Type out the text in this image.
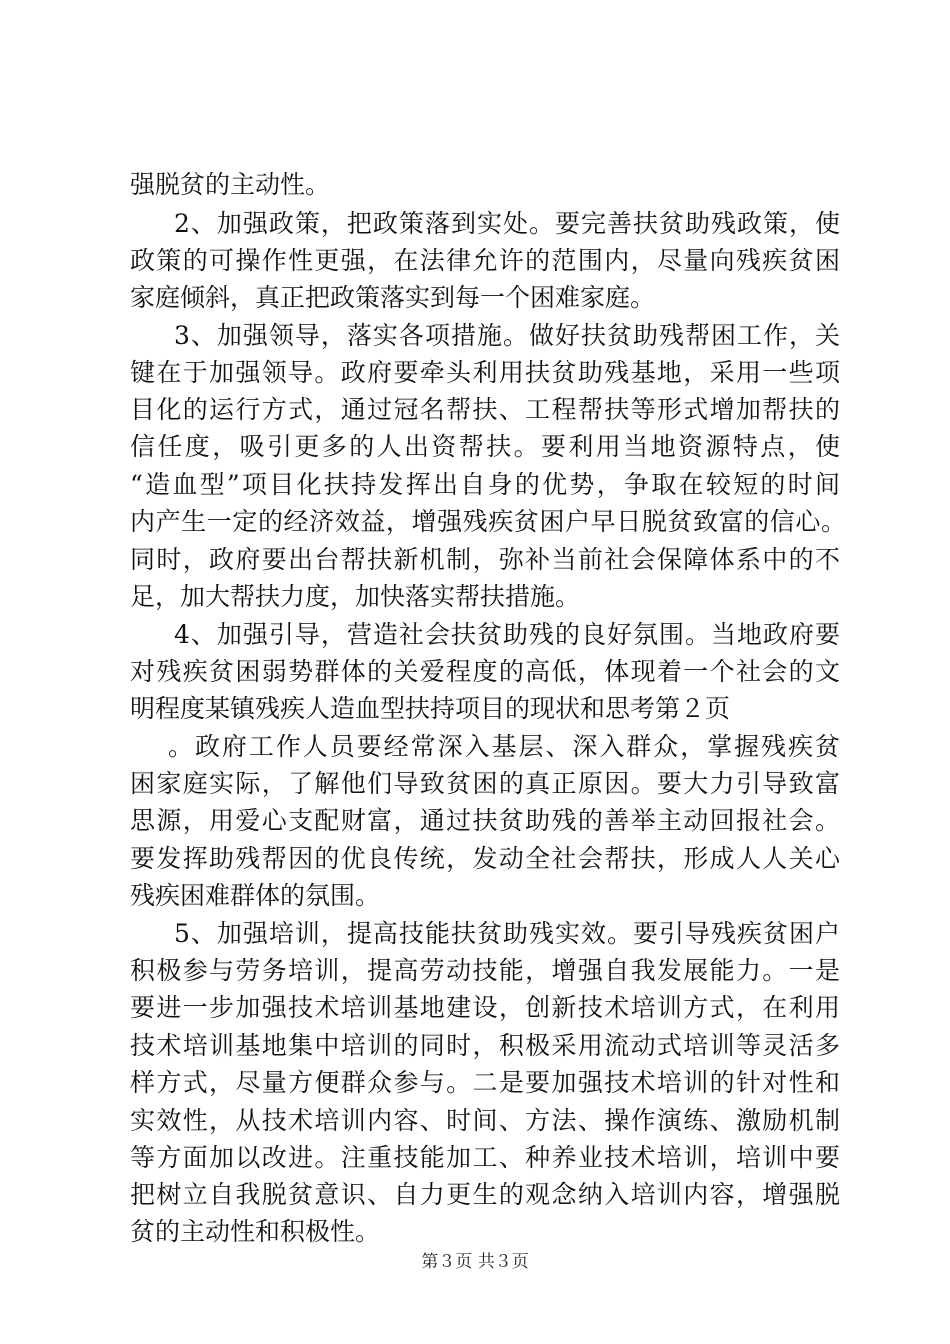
强脱贫的主动性。
2、加强政策，把政策落到实处。要完善扶贫助残政策，使
政策的可操作性更强，在法律允许的范围内，尽量向残疾贫困
家庭倾斜，真正把政策落实到每一个困难家庭。
3、加强领导，落实各项措施。做好扶贫助残帮困工作，关
键在于加强领导。政府要牵头利用扶贫助残基地，采用一些项
目化的运行方式，通过冠名帮扶、工程帮扶等形式增加帮扶的
信任度，吸引更多的人出资帮扶。要利用当地资源特点，使
“造血型”项目化扶持发挥出自身的优势，争取在较短的时间
内产生一定的经济效益，增强残疾贫困户早日脱贫致富的信心。
同时，政府要出台帮扶新机制，弥补当前社会保障体系中的不
足，加大帮扶力度，加快落实帮扶措施。
4、加强引导，营造社会扶贫助残的良好氛围。当地政府要
对残疾贫困弱势群体的关爱程度的高低，体现着一个社会的文
明程度某镇残疾人造血型扶持项目的现状和思考第２页
。政府工作人员要经常深入基层、深入群众，掌握残疾贫
困家庭实际，了解他们导致贫困的真正原因。要大力引导致富
思源，用爱心支配财富，通过扶贫助残的善举主动回报社会。
要发挥助残帮因的优良传统，发动全社会帮扶，形成人人关心
残疾困难群体的氛围。
5、加强培训，提高技能扶贫助残实效。要引导残疾贫困户
积极参与劳务培训，提高劳动技能，增强自我发展能力。一是
要进一步加强技术培训基地建设，创新技术培训方式，在利用
技术培训基地集中培训的同时，积极采用流动式培训等灵活多
样方式，尽量方便群众参与。二是要加强技术培训的针对性和
实效性，从技术培训内容、时间、方法、操作演练、激励机制
等方面加以改进。注重技能加工、种养业技术培训，培训中要
把树立自我脱贫意识、自力更生的观念纳入培训内容，增强脱
贫的主动性和积极性。
第３页 共３页
